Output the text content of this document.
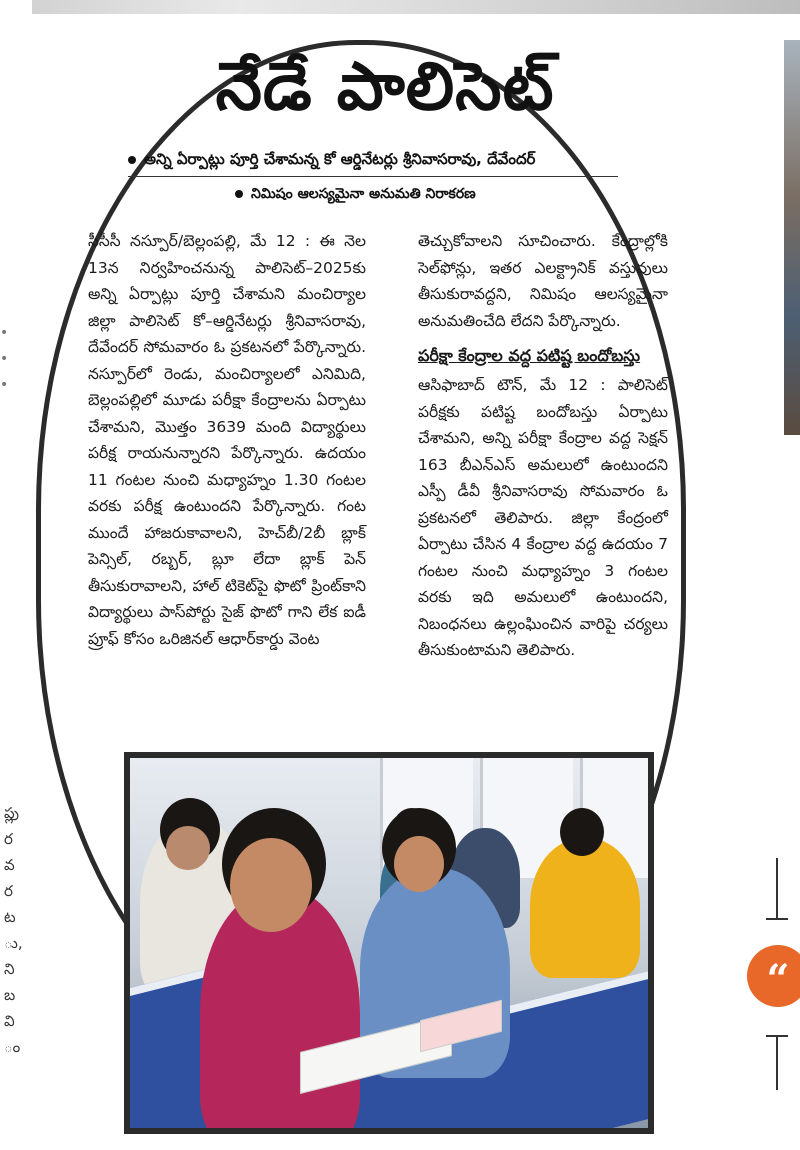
•
•
•
ప్లు ర వ ర ట ు, ని బ వి ం
నేడే పాలిసెట్
అన్ని ఏర్పాట్లు పూర్తి చేశామన్న కో ఆర్డినేటర్లు శ్రీనివాసరావు, దేవేందర్
నిమిషం ఆలస్యమైనా అనుమతి నిరాకరణ
సీసీసీ నస్పూర్/బెల్లంపల్లి, మే 12 : ఈ నెల 13న నిర్వహించనున్న పాలిసెట్–2025కు అన్ని ఏర్పాట్లు పూర్తి చేశామని మంచిర్యాల జిల్లా పాలిసెట్ కో–ఆర్డినేటర్లు శ్రీనివాసరావు, దేవేందర్ సోమవారం ఓ ప్రకటనలో పేర్కొన్నారు. నస్పూర్‌లో రెండు, మంచిర్యాలలో ఎనిమిది, బెల్లంపల్లిలో మూడు పరీక్షా కేంద్రాలను ఏర్పాటు చేశామని, మొత్తం 3639 మంది విద్యార్థులు పరీక్ష రాయనున్నారని పేర్కొన్నారు. ఉదయం 11 గంటల నుంచి మధ్యాహ్నం 1.30 గంటల వరకు పరీక్ష ఉంటుందని పేర్కొన్నారు. గంట ముందే హాజరుకావాలని, హెచ్‌బీ/2బీ బ్లాక్ పెన్సిల్, రబ్బర్, బ్లూ లేదా బ్లాక్ పెన్ తీసుకురావాలని, హాల్ టికెట్‌పై ఫొటో ప్రింట్‌కాని విద్యార్థులు పాస్‌పోర్టు సైజ్ ఫొటో గాని లేక ఐడీ ప్రూఫ్ కోసం ఒరిజినల్ ఆధార్‌కార్డు వెంట
తెచ్చుకోవాలని సూచించారు. కేంద్రాల్లోకి సెల్‌ఫోన్లు, ఇతర ఎలక్ట్రానిక్ వస్తువులు తీసుకురావద్దని, నిమిషం ఆలస్యమైనా అనుమతించేది లేదని పేర్కొన్నారు.
పరీక్షా కేంద్రాల వద్ద పటిష్ట బందోబస్తు
ఆసిఫాబాద్ టౌన్, మే 12 : పాలిసెట్ పరీక్షకు పటిష్ట బందోబస్తు ఏర్పాటు చేశామని, అన్ని పరీక్షా కేంద్రాల వద్ద సెక్షన్ 163 బీఎన్‌ఎస్ అమలులో ఉంటుందని ఎస్పీ డీవీ శ్రీనివాసరావు సోమవారం ఓ ప్రకటనలో తెలిపారు. జిల్లా కేంద్రంలో ఏర్పాటు చేసిన 4 కేంద్రాల వద్ద ఉదయం 7 గంటల నుంచి మధ్యాహ్నం 3 గంటల వరకు ఇది అమలులో ఉంటుందని, నిబంధనలు ఉల్లంఘించిన వారిపై చర్యలు తీసుకుంటామని తెలిపారు.
“
